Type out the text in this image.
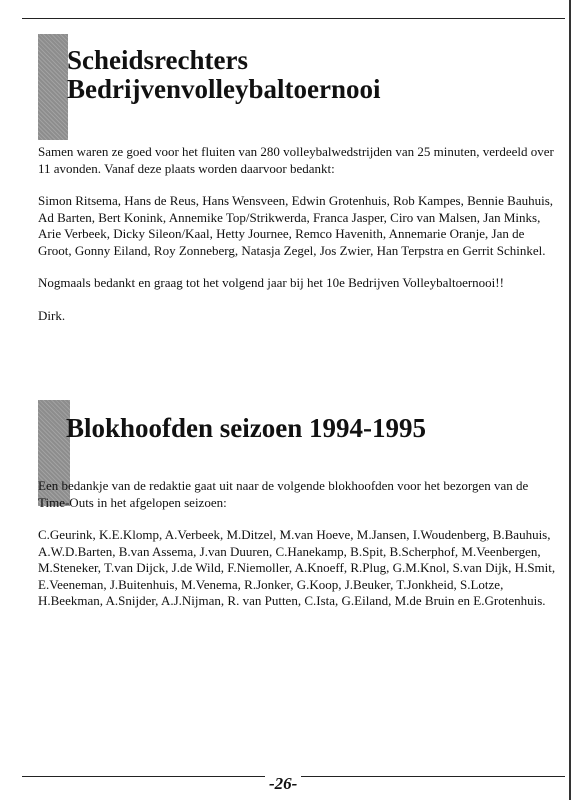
Scheidsrechters
Bedrijvenvolleybaltoernooi

Samen waren ze goed voor het fluiten van 280 volleybalwedstrijden van 25 minuten, verdeeld over 11 avonden. Vanaf deze plaats worden daarvoor bedankt:

Simon Ritsema, Hans de Reus, Hans Wensveen, Edwin Grotenhuis, Rob Kampes, Bennie Bauhuis, Ad Barten, Bert Konink, Annemike Top/Strikwerda, Franca Jasper, Ciro van Malsen, Jan Minks, Arie Verbeek, Dicky Sileon/Kaal, Hetty Journee, Remco Havenith, Annemarie Oranje, Jan de Groot, Gonny Eiland, Roy Zonneberg, Natasja Zegel, Jos Zwier, Han Terpstra en Gerrit Schinkel.

Nogmaals bedankt en graag tot het volgend jaar bij het 10e Bedrijven Volleybaltoernooi!!

Dirk.

Blokhoofden seizoen 1994-1995

Een bedankje van de redaktie gaat uit naar de volgende blokhoofden voor het bezorgen van de Time-Outs in het afgelopen seizoen:

C.Geurink, K.E.Klomp, A.Verbeek, M.Ditzel, M.van Hoeve, M.Jansen, I.Woudenberg, B.Bauhuis, A.W.D.Barten, B.van Assema, J.van Duuren, C.Hanekamp, B.Spit, B.Scherphof, M.Veenbergen, M.Steneker, T.van Dijck, J.de Wild, F.Niemoller, A.Knoeff, R.Plug, G.M.Knol, S.van Dijk, H.Smit, E.Veeneman, J.Buitenhuis, M.Venema, R.Jonker, G.Koop, J.Beuker, T.Jonkheid, S.Lotze, H.Beekman, A.Snijder, A.J.Nijman, R. van Putten, C.Ista, G.Eiland, M.de Bruin en E.Grotenhuis.

-26-
